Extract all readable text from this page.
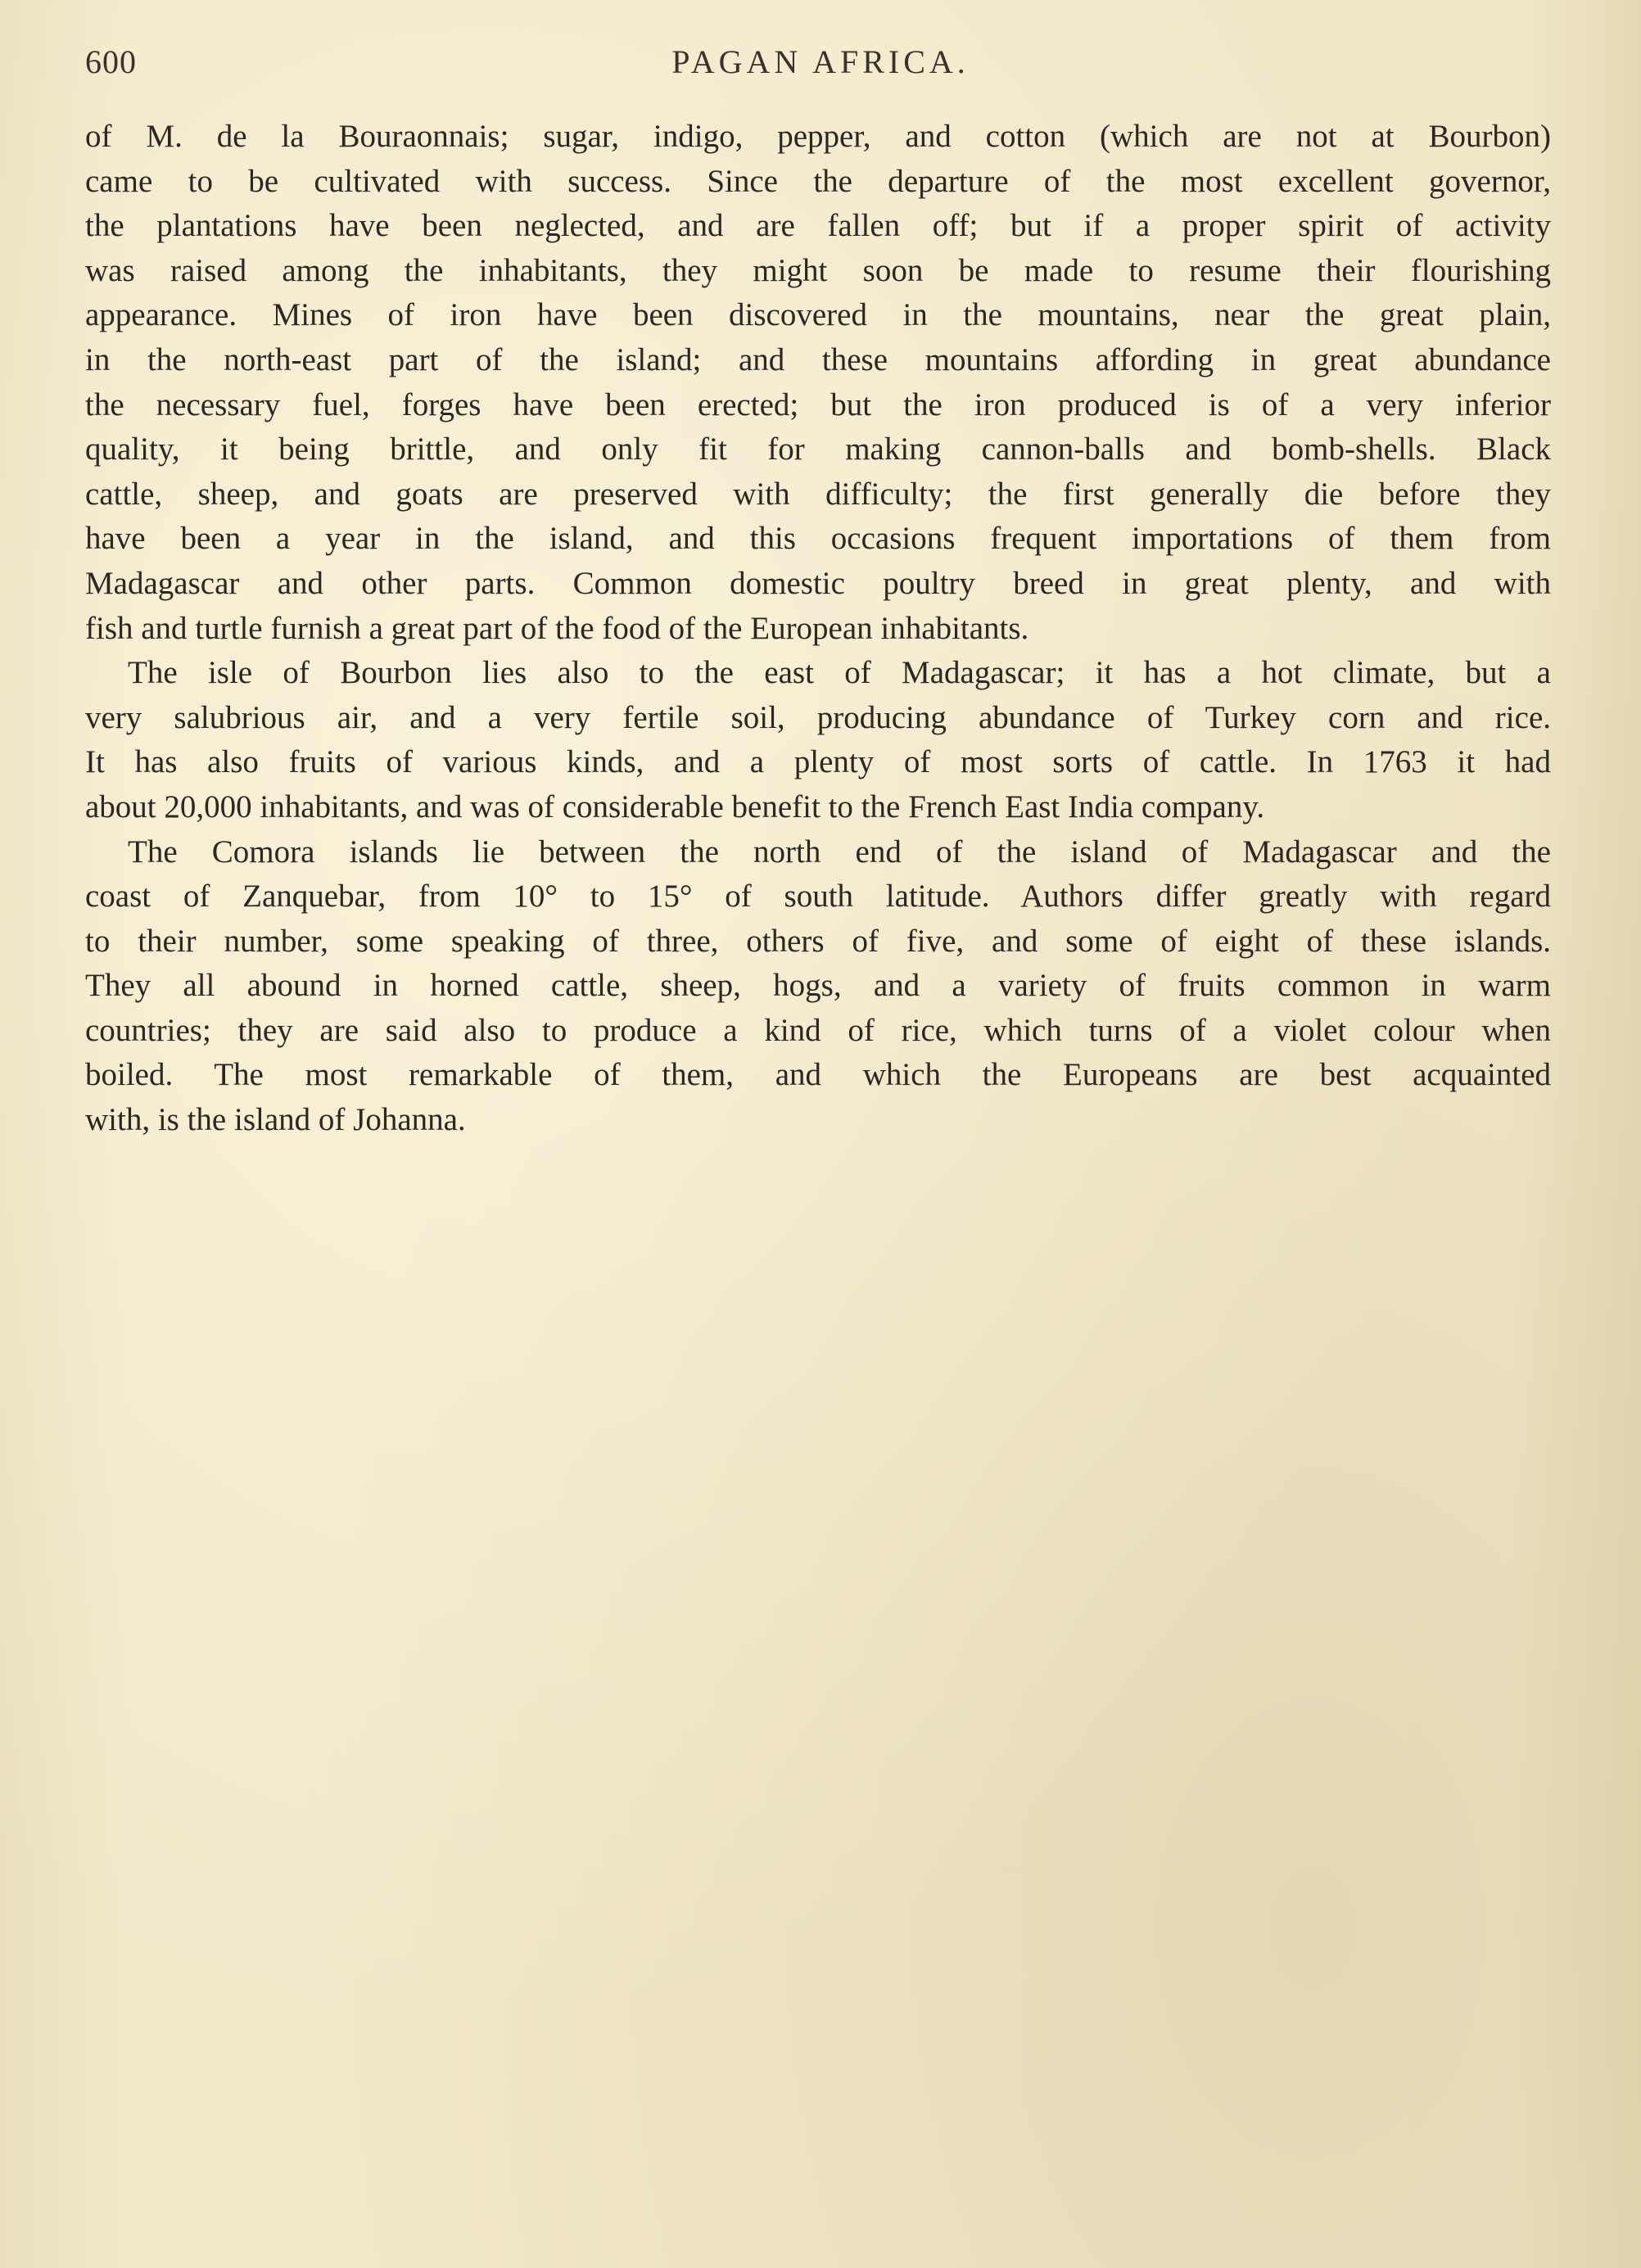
600	PAGAN AFRICA.
of M. de la Bouraonnais; sugar, indigo, pepper, and cotton (which are not at Bourbon)
came to be cultivated with success. Since the departure of the most excellent governor,
the plantations have been neglected, and are fallen off; but if a proper spirit of activity
was raised among the inhabitants, they might soon be made to resume their flourishing
appearance. Mines of iron have been discovered in the mountains, near the great plain,
in the north-east part of the island; and these mountains affording in great abundance
the necessary fuel, forges have been erected; but the iron produced is of a very inferior
quality, it being brittle, and only fit for making cannon-balls and bomb-shells. Black
cattle, sheep, and goats are preserved with difficulty; the first generally die before they
have been a year in the island, and this occasions frequent importations of them from
Madagascar and other parts. Common domestic poultry breed in great plenty, and with
fish and turtle furnish a great part of the food of the European inhabitants.
The isle of Bourbon lies also to the east of Madagascar; it has a hot climate, but a
very salubrious air, and a very fertile soil, producing abundance of Turkey corn and rice.
It has also fruits of various kinds, and a plenty of most sorts of cattle. In 1763 it had
about 20,000 inhabitants, and was of considerable benefit to the French East India company.
The Comora islands lie between the north end of the island of Madagascar and the
coast of Zanquebar, from 10° to 15° of south latitude. Authors differ greatly with regard
to their number, some speaking of three, others of five, and some of eight of these islands.
They all abound in horned cattle, sheep, hogs, and a variety of fruits common in warm
countries; they are said also to produce a kind of rice, which turns of a violet colour when
boiled. The most remarkable of them, and which the Europeans are best acquainted
with, is the island of Johanna.
